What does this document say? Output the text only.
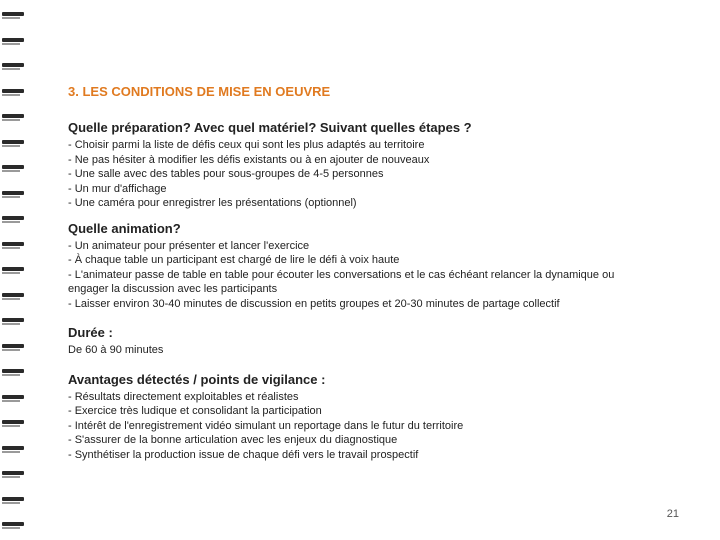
3. LES CONDITIONS DE MISE EN OEUVRE

Quelle préparation? Avec quel matériel? Suivant quelles étapes ?

- Choisir parmi la liste de défis ceux qui sont les plus adaptés au territoire
- Ne pas hésiter à modifier les défis existants ou à en ajouter de nouveaux
- Une salle avec des tables pour sous-groupes de 4-5 personnes
- Un mur d'affichage
- Une caméra pour enregistrer les présentations (optionnel)

Quelle animation?

- Un animateur pour présenter et lancer l'exercice
- À chaque table un participant est chargé de lire le défi à voix haute
- L'animateur passe de table en table pour écouter les conversations et le cas échéant relancer la dynamique ou engager la discussion avec les participants
- Laisser environ 30-40 minutes de discussion en petits groupes et 20-30 minutes de partage collectif

Durée :

De 60 à 90 minutes

Avantages détectés / points de vigilance :

- Résultats directement exploitables et réalistes
- Exercice très ludique et consolidant la participation
- Intérêt de l'enregistrement vidéo simulant un reportage dans le futur du territoire
- S'assurer de la bonne articulation avec les enjeux du diagnostique
- Synthétiser la production issue de chaque défi vers le travail prospectif
21
